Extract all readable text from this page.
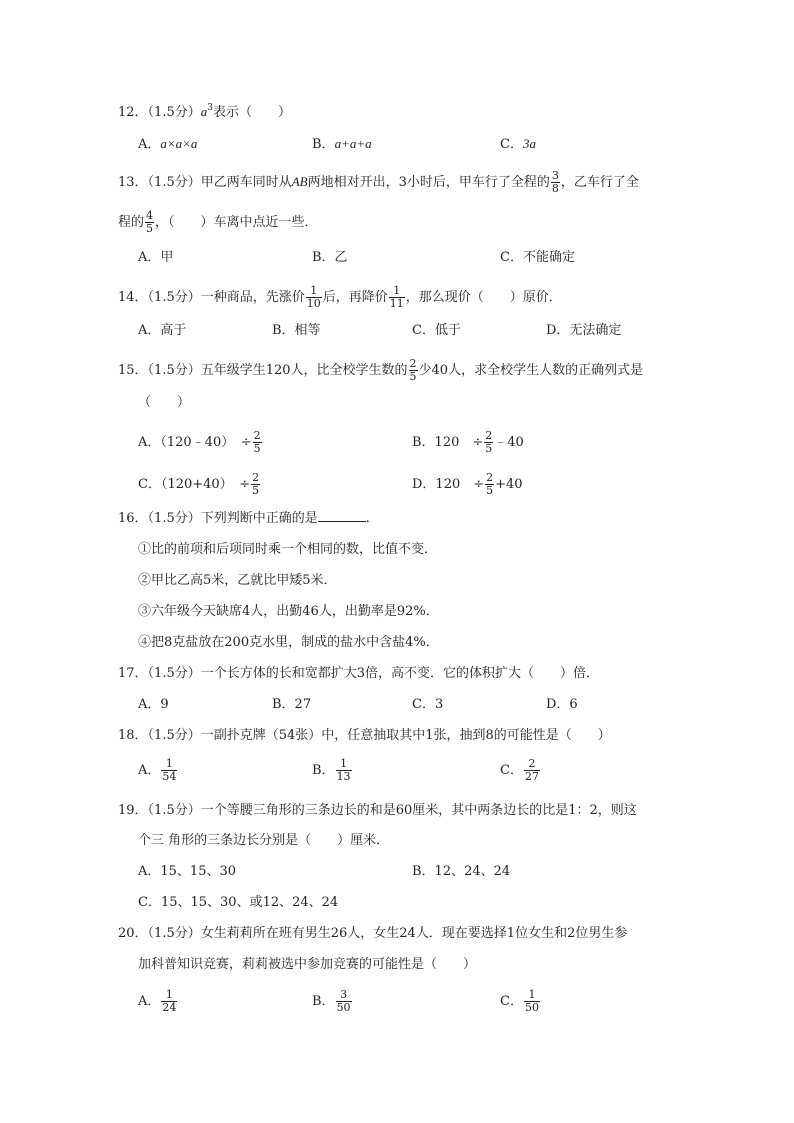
12．（1.5分）$a^3$表示（　　）
A．a×a×a	B．a+a+a	C．3a
13．（1.5分）甲乙两车同时从AB两地相对开出，3小时后，甲车行了全程的 $\frac{3}{8}$ ，乙车行了全
程的 $\frac{4}{5}$ ，（　　）车离中点近一些．
A．甲	B．乙	C．不能确定
14．（1.5分）一种商品，先涨价 $\frac{1}{10}$ 后，再降价 $\frac{1}{11}$ ，那么现价（　　）原价．
A．高于	B．相等	C．低于	D．无法确定
15．（1.5分）五年级学生120人，比全校学生数的 $\frac{2}{5}$ 少40人，求全校学生人数的正确列式是
（　　）
A．（120﹣40）　÷ $\frac{2}{5}$	B．120　÷ $\frac{2}{5}$ ﹣40
C．（120+40）　÷ $\frac{2}{5}$	D．120　÷ $\frac{2}{5} +40$
16．（1.5分）下列判断中正确的是	．
①比的前项和后项同时乘一个相同的数，比值不变．
②甲比乙高5米，乙就比甲矮5米．
③六年级今天缺席4人，出勤46人，出勤率是92%．
④把8克盐放在200克水里，制成的盐水中含盐4%．
17．（1.5分）一个长方体的长和宽都扩大3倍，高不变．它的体积扩大（　　）倍．
A．9	B．27	C．3	D．6
18．（1.5分）一副扑克牌（54张）中，任意抽取其中1张，抽到8的可能性是（　　）
A． $\frac{1}{54}$	B． $\frac{1}{13}$	C． $\frac{2}{27}$
19．（1.5分）一个等腰三角形的三条边长的和是60厘米，其中两条边长的比是1：2，则这
个三 角形的三条边长分别是（　　）厘米．
A．15、15、30	B．12、24、24
C．15、15、30、或12、24、24
20．（1.5分）女生莉莉所在班有男生26人，女生24人．现在要选择1位女生和2位男生参
加科普知识竞赛，莉莉被选中参加竞赛的可能性是（　　）
A． $\frac{1}{24}$	B． $\frac{3}{50}$	C． $\frac{1}{50}$
